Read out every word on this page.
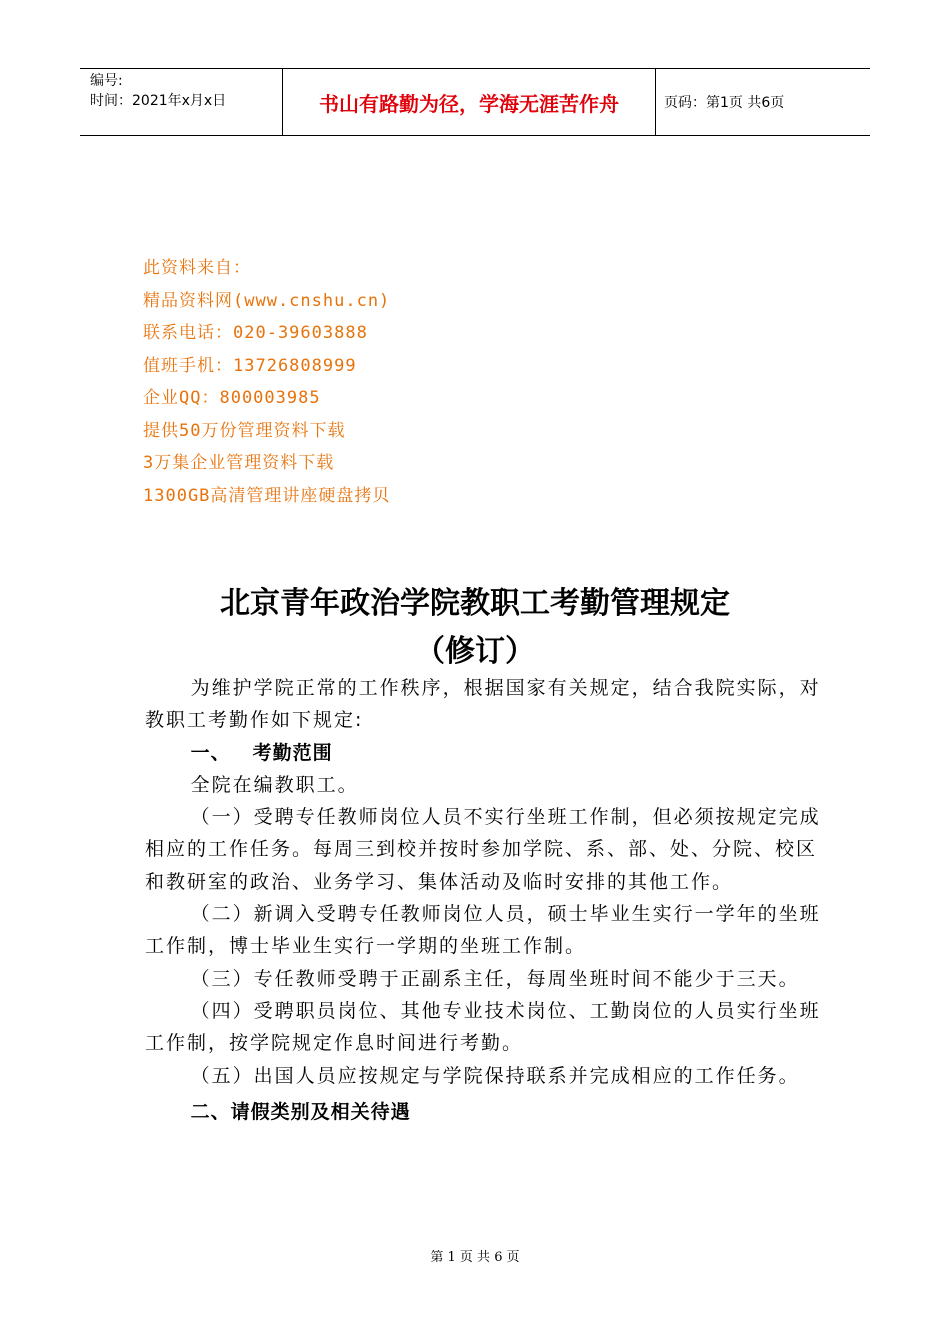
编号:
时间：2021年x月x日	书山有路勤为径，学海无涯苦作舟	页码：第1页 共6页
此资料来自：
精品资料网(www.cnshu.cn)
联系电话：020-39603888
值班手机：13726808999
企业QQ：800003985
提供50万份管理资料下载
3万集企业管理资料下载
1300GB高清管理讲座硬盘拷贝
北京青年政治学院教职工考勤管理规定
（修订）

为维护学院正常的工作秩序，根据国家有关规定，结合我院实际，对教职工考勤作如下规定:

一、 考勤范围

全院在编教职工。

（一）受聘专任教师岗位人员不实行坐班工作制，但必须按规定完成相应的工作任务。每周三到校并按时参加学院、系、部、处、分院、校区和教研室的政治、业务学习、集体活动及临时安排的其他工作。

（二）新调入受聘专任教师岗位人员，硕士毕业生实行一学年的坐班工作制，博士毕业生实行一学期的坐班工作制。

（三）专任教师受聘于正副系主任，每周坐班时间不能少于三天。

（四）受聘职员岗位、其他专业技术岗位、工勤岗位的人员实行坐班工作制，按学院规定作息时间进行考勤。

（五）出国人员应按规定与学院保持联系并完成相应的工作任务。

二、请假类别及相关待遇

第 1 页 共 6 页
